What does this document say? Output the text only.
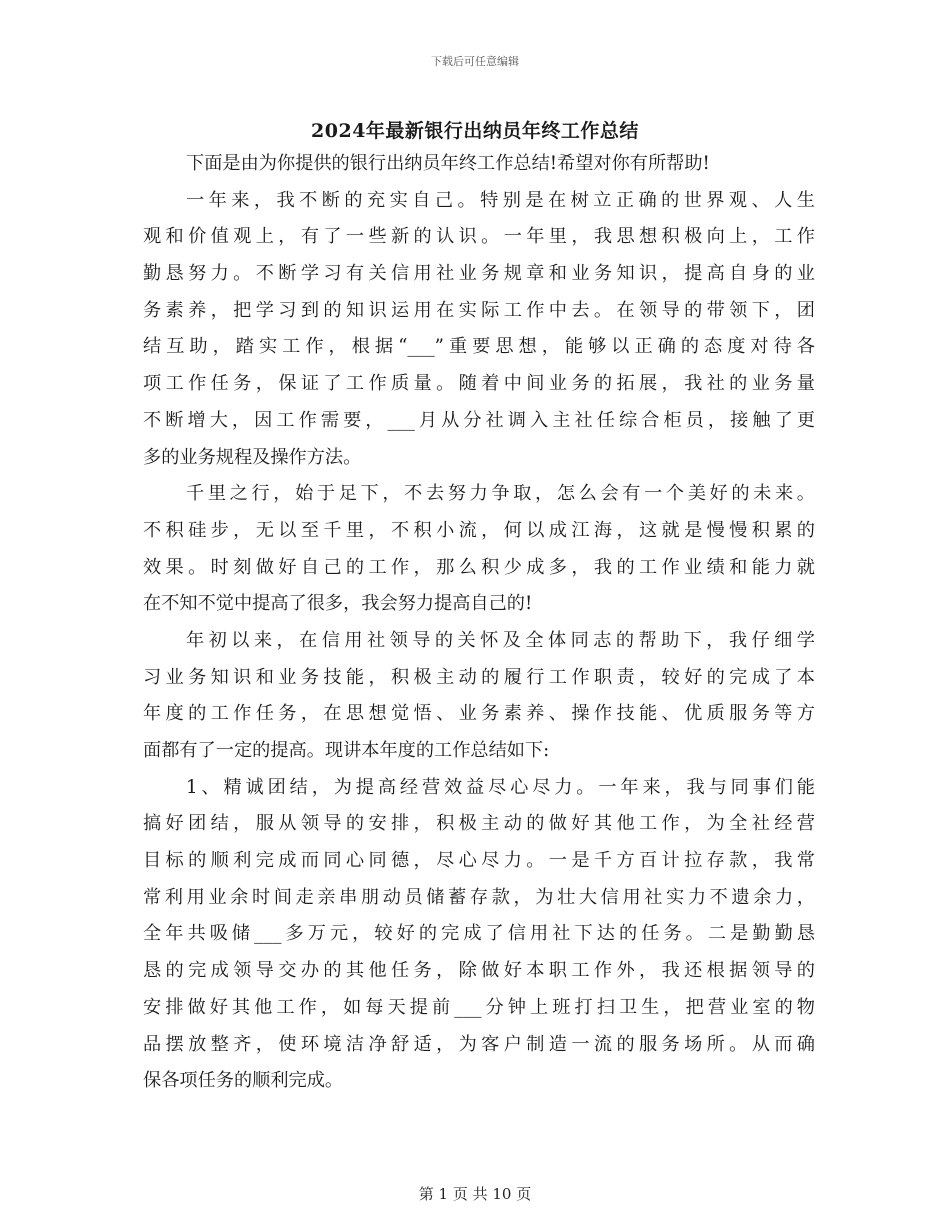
下载后可任意编辑
2024年最新银行出纳员年终工作总结
下面是由为你提供的银行出纳员年终工作总结!希望对你有所帮助!
一年来，我不断的充实自己。特别是在树立正确的世界观、人生
观和价值观上，有了一些新的认识。一年里，我思想积极向上，工作
勤恳努力。不断学习有关信用社业务规章和业务知识，提高自身的业
务素养，把学习到的知识运用在实际工作中去。在领导的带领下，团
结互助，踏实工作，根据“___”重要思想，能够以正确的态度对待各
项工作任务，保证了工作质量。随着中间业务的拓展，我社的业务量
不断增大，因工作需要，___月从分社调入主社任综合柜员，接触了更
多的业务规程及操作方法。
千里之行，始于足下，不去努力争取，怎么会有一个美好的未来。
不积硅步，无以至千里，不积小流，何以成江海，这就是慢慢积累的
效果。时刻做好自己的工作，那么积少成多，我的工作业绩和能力就
在不知不觉中提高了很多，我会努力提高自己的!
年初以来，在信用社领导的关怀及全体同志的帮助下，我仔细学
习业务知识和业务技能，积极主动的履行工作职责，较好的完成了本
年度的工作任务，在思想觉悟、业务素养、操作技能、优质服务等方
面都有了一定的提高。现讲本年度的工作总结如下:
1、精诚团结，为提高经营效益尽心尽力。一年来，我与同事们能
搞好团结，服从领导的安排，积极主动的做好其他工作，为全社经营
目标的顺利完成而同心同德，尽心尽力。一是千方百计拉存款，我常
常利用业余时间走亲串朋动员储蓄存款，为壮大信用社实力不遗余力，
全年共吸储___多万元，较好的完成了信用社下达的任务。二是勤勤恳
恳的完成领导交办的其他任务，除做好本职工作外，我还根据领导的
安排做好其他工作，如每天提前___分钟上班打扫卫生，把营业室的物
品摆放整齐，使环境洁净舒适，为客户制造一流的服务场所。从而确
保各项任务的顺利完成。
第 1 页 共 10 页
